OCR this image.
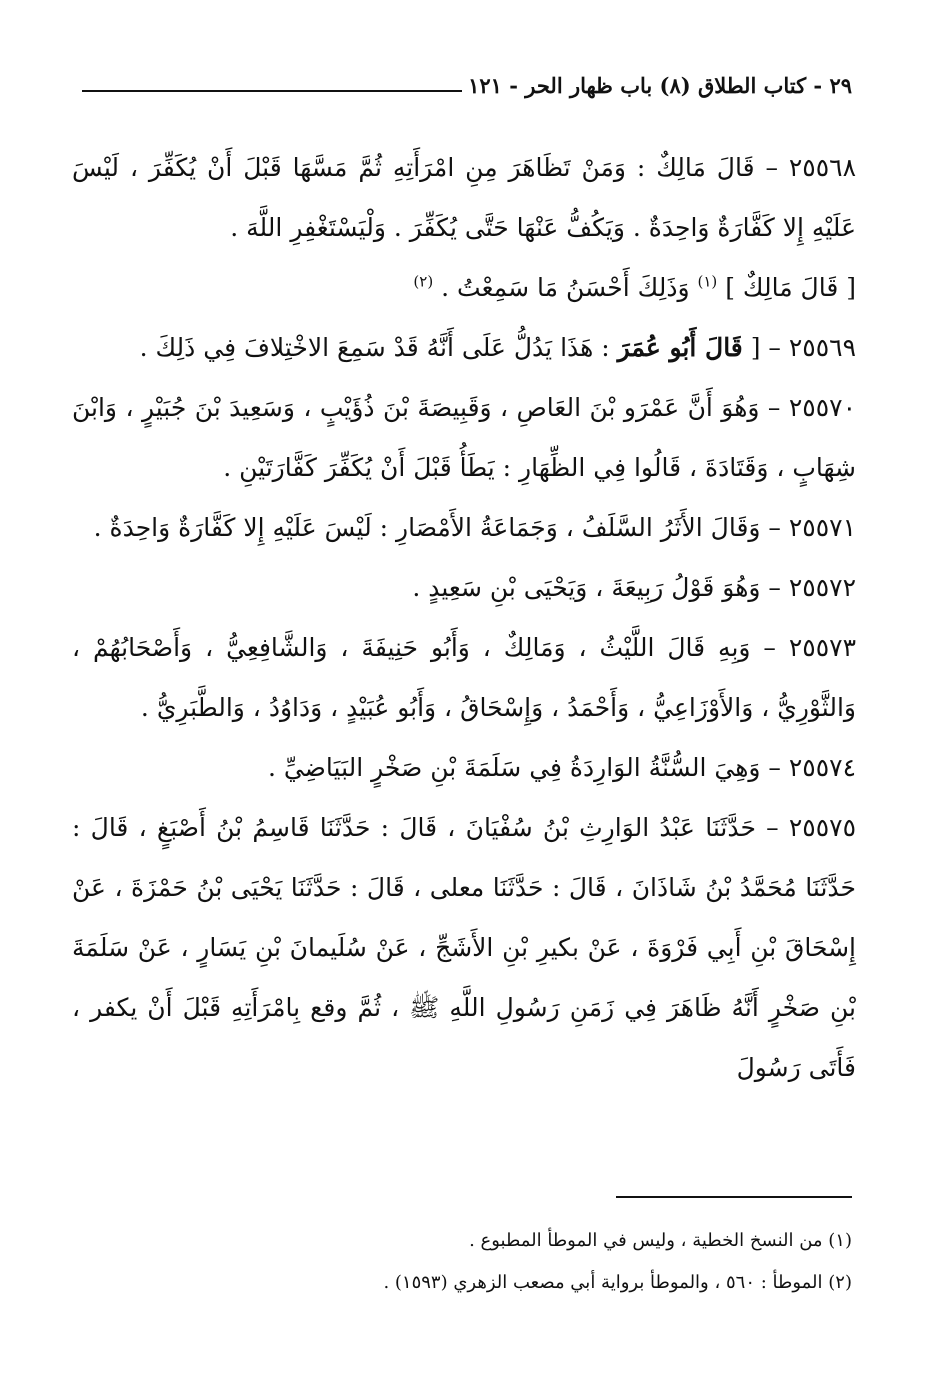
٢٩ - كتاب الطلاق (٨) باب ظهار الحر - ١٢١

٢٥٥٦٨ – قَالَ مَالِكٌ : وَمَنْ تَظَاهَرَ مِنِ امْرَأَتِهِ ثُمَّ مَسَّهَا قَبْلَ أَنْ يُكَفِّرَ ، لَيْسَ عَلَيْهِ إِلا كَفَّارَةٌ وَاحِدَةٌ . وَيَكُفُّ عَنْهَا حَتَّى يُكَفِّرَ . وَلْيَسْتَغْفِرِ اللَّهَ .

[ قَالَ مَالِكٌ ] $^{(١)}$ وَذَلِكَ أَحْسَنُ مَا سَمِعْتُ . $^{(٢)}$

٢٥٥٦٩ – [ قَالَ أَبُو عُمَرَ : هَذَا يَدُلُّ عَلَى أَنَّهُ قَدْ سَمِعَ الاخْتِلافَ فِي ذَلِكَ .

٢٥٥٧٠ – وَهُوَ أَنَّ عَمْرَو بْنَ العَاصِ ، وَقَبِيصَةَ بْنَ ذُؤَيْبٍ ، وَسَعِيدَ بْنَ جُبَيْرٍ ، وَابْنَ شِهَابٍ ، وَقَتَادَةَ ، قَالُوا فِي الظِّهَارِ : يَطَأُ قَبْلَ أَنْ يُكَفِّرَ كَفَّارَتَيْنِ .

٢٥٥٧١ – وَقَالَ الأَثَرُ السَّلَفُ ، وَجَمَاعَةُ الأَمْصَارِ : لَيْسَ عَلَيْهِ إِلا كَفَّارَةٌ وَاحِدَةٌ .

٢٥٥٧٢ – وَهُوَ قَوْلُ رَبِيعَةَ ، وَيَحْيَى بْنِ سَعِيدٍ .

٢٥٥٧٣ – وَبِهِ قَالَ اللَّيْثُ ، وَمَالِكٌ ، وَأَبُو حَنِيفَةَ ، وَالشَّافِعِيُّ ، وَأَصْحَابُهُمْ ، وَالثَّوْرِيُّ ، وَالأَوْزَاعِيُّ ، وَأَحْمَدُ ، وَإِسْحَاقُ ، وَأَبُو عُبَيْدٍ ، وَدَاوُدُ ، وَالطَّبَرِيُّ .

٢٥٥٧٤ – وَهِيَ السُّنَّةُ الوَارِدَةُ فِي سَلَمَةَ بْنِ صَخْرٍ البَيَاضِيِّ .

٢٥٥٧٥ – حَدَّثَنَا عَبْدُ الوَارِثِ بْنُ سُفْيَانَ ، قَالَ : حَدَّثَنَا قَاسِمُ بْنُ أَصْبَغٍ ، قَالَ : حَدَّثَنَا مُحَمَّدُ بْنُ شَاذَانَ ، قَالَ : حَدَّثَنَا معلى ، قَالَ : حَدَّثَنَا يَحْيَى بْنُ حَمْزَةَ ، عَنْ إِسْحَاقَ بْنِ أَبِي فَرْوَةَ ، عَنْ بكيرِ بْنِ الأَشَجِّ ، عَنْ سُلَيمانَ بْنِ يَسَارٍ ، عَنْ سَلَمَةَ بْنِ صَخْرٍ أَنَّهُ ظَاهَرَ فِي زَمَنِ رَسُولِ اللَّهِ ﷺ ، ثُمَّ وقع بِامْرَأَتِهِ قَبْلَ أَنْ يكفر ، فَأَتَى رَسُولَ

(١) من النسخ الخطية ، وليس في الموطأ المطبوع .

(٢) الموطأ : ٥٦٠ ، والموطأ برواية أبي مصعب الزهري (١٥٩٣) .
